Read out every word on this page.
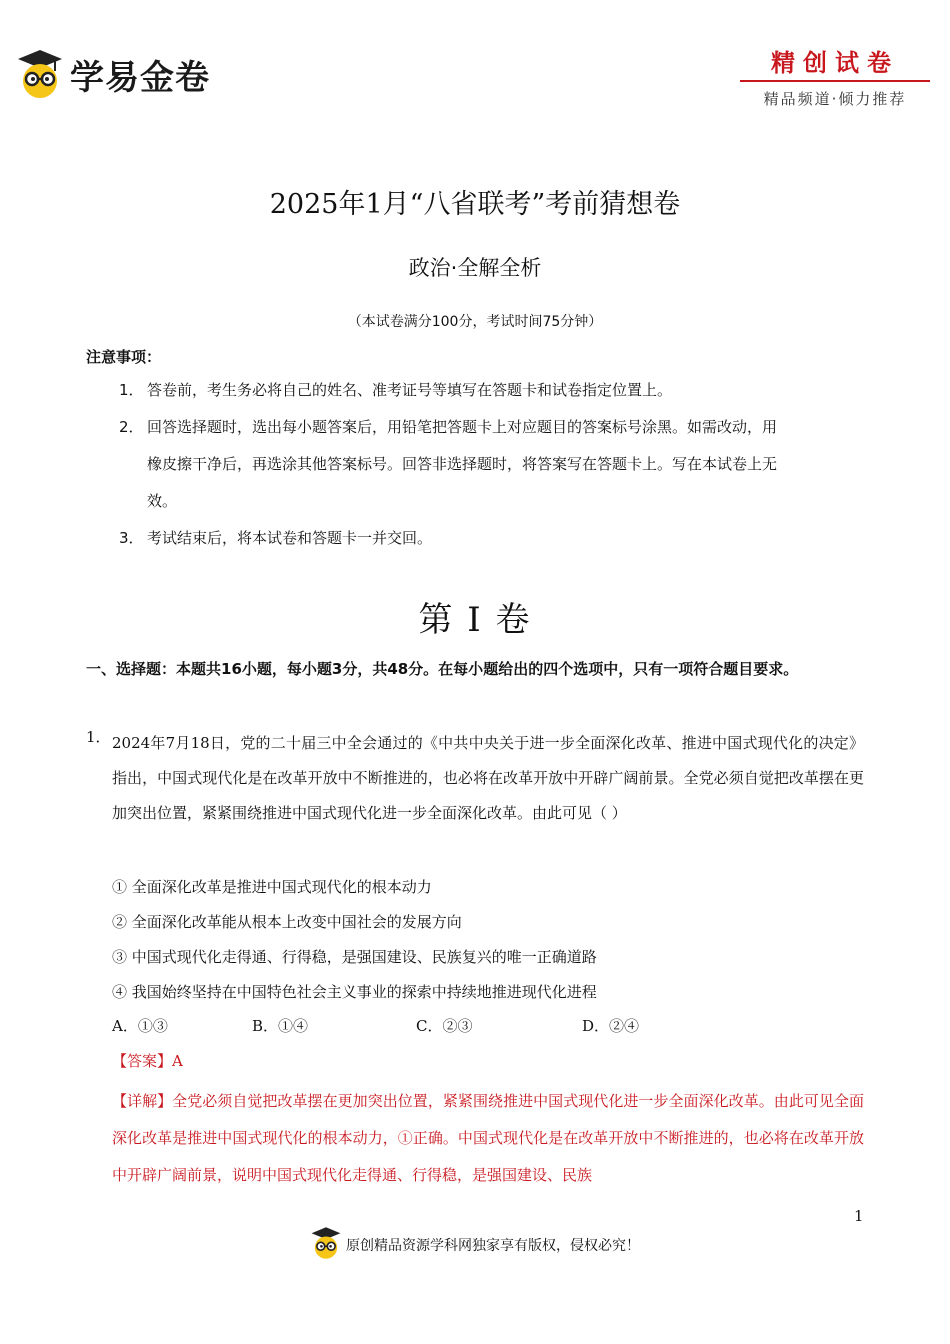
学易金卷	精创试卷
精品频道·倾力推荐
2025年1月“八省联考”考前猜想卷
政治·全解全析
（本试卷满分100分，考试时间75分钟）
注意事项：
1． 答卷前，考生务必将自己的姓名、准考证号等填写在答题卡和试卷指定位置上。
2． 回答选择题时，选出每小题答案后，用铅笔把答题卡上对应题目的答案标号涂黑。如需改动，用
橡皮擦干净后，再选涂其他答案标号。回答非选择题时，将答案写在答题卡上。写在本试卷上无
效。
3． 考试结束后，将本试卷和答题卡一并交回。
第 I 卷
一、选择题：本题共16小题，每小题3分，共48分。在每小题给出的四个选项中，只有一项符合题目要求。
1． 2024年7月18日，党的二十届三中全会通过的《中共中央关于进一步全面深化改革、推进中国式现代化的决定》指出，中国式现代化是在改革开放中不断推进的，也必将在改革开放中开辟广阔前景。全党必须自觉把改革摆在更加突出位置，紧紧围绕推进中国式现代化进一步全面深化改革。由此可见（ ）
① 全面深化改革是推进中国式现代化的根本动力
② 全面深化改革能从根本上改变中国社会的发展方向
③ 中国式现代化走得通、行得稳，是强国建设、民族复兴的唯一正确道路
④ 我国始终坚持在中国特色社会主义事业的探索中持续地推进现代化进程
A．①③	B．①④	C．②③	D．②④
【答案】A
【详解】全党必须自觉把改革摆在更加突出位置，紧紧围绕推进中国式现代化进一步全面深化改革。由此可见全面深化改革是推进中国式现代化的根本动力，①正确。中国式现代化是在改革开放中不断推进的，也必将在改革开放中开辟广阔前景，说明中国式现代化走得通、行得稳，是强国建设、民族
1
原创精品资源学科网独家享有版权，侵权必究！
